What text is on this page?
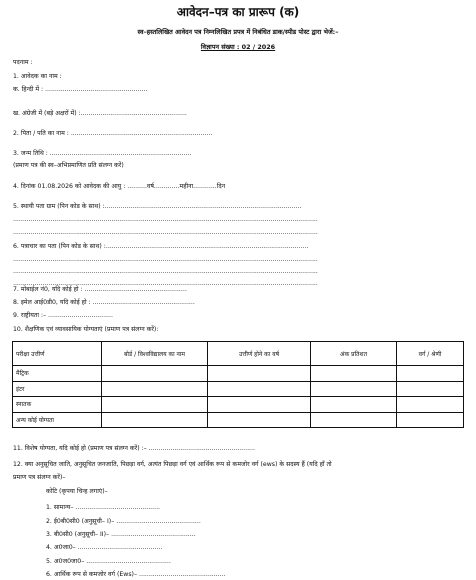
आवेदन–पत्र का प्रारूप (क)
स्व–हस्तलिखित आवेदन पत्र निम्नलिखित प्रपत्र में निबंधित डाक/स्पीड पोस्ट द्वारा भेजें:–
विज्ञापन संख्या : 02 / 2026
पदनाम :
1. आवेदक का नाम :
क. हिन्दी में : ....................................................
ख. अंग्रेजी में (बड़े अक्षरों में) :......................................................
2. पिता / पति का नाम : ........................................................................
3. जन्म तिथि : ........................................................................
(प्रमाण पत्र की स्व–अभिप्रमाणित प्रति संलग्न करें)
4. दिनांक 01.08.2026 को आवेदक की आयु : ..........वर्ष.............महीना............दिन
5. स्थायी पता ग्राम (पिन कोड के साथ) :....................................................................................................
...........................................................................................................................................................
...........................................................................................................................................................
6. पत्राचार का पता (पिन कोड के साथ) :.......................................................................................................
...........................................................................................................................................................
...........................................................................................................................................................
...........................................................................................................................................................
7. मोबाईल नं0, यदि कोई हो : ....................................................
8. इमेल आई0डी0, यदि कोई हो : ....................................................
9. राष्ट्रीयता :– .................................
10. शैक्षणिक एवं व्यावसायिक योग्यताएं (प्रमाण पत्र संलग्न करें):
परीक्षा उत्तीर्ण	बोर्ड / विश्वविद्यालय का नाम	उत्तीर्ण होने का वर्ष	अंक प्रतिशत	वर्ग / श्रेणी
मैट्रिक				
इंटर				
स्नातक				
अन्य कोई योग्यता				
11. विशेष योग्यता, यदि कोई हो (प्रमाण पत्र संलग्न करें) :– ......................................................
12. क्या अनुसूचित जाति, अनुसूचित जनजाति, पिछड़ा वर्ग, अत्यंत पिछड़ा वर्ग एवं आर्थिक रूप से कमजोर वर्ग (ews) के सदस्य हैं (यदि हाँ तो
प्रमाण पत्र संलग्न करें)–
कोटि (कृपया चिन्ह लगाएं)–
1. सामान्य– ...........................................
2. ई0बी0सी0 (अनुसूची– I)– ...........................................
3. बी0सी0 (अनुसूची– II)– ...........................................
4. अ0जा0– ...........................................
5. अ0ज0जा0– ...........................................
6. आर्थिक रूप से कमजोर वर्ग (Ews)– ............................................
